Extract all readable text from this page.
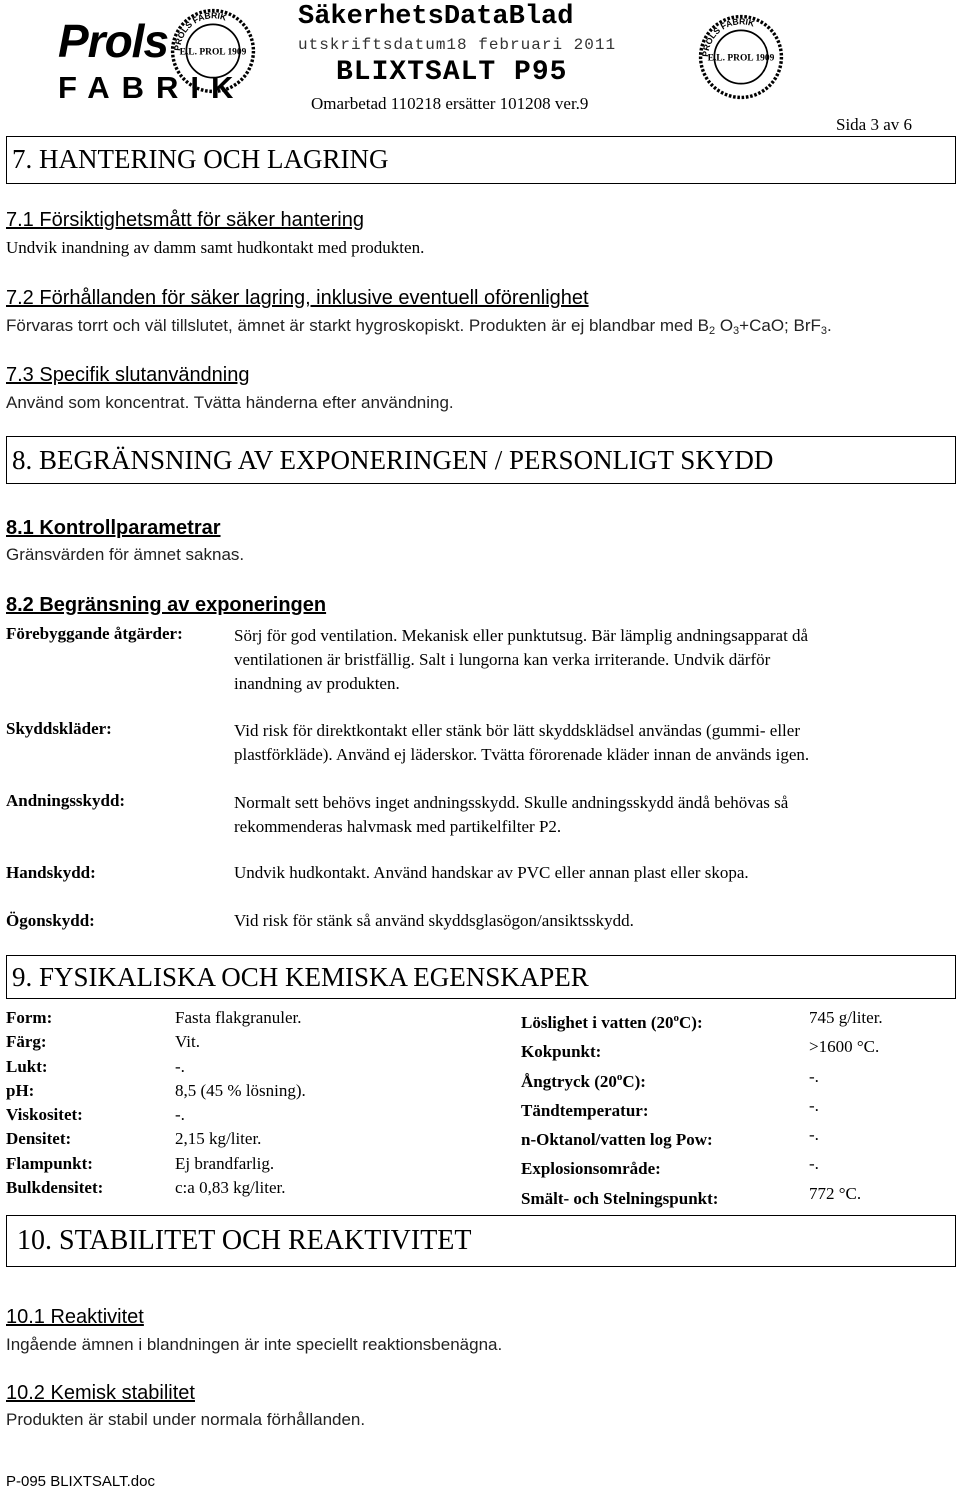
Prols
FABRIK
PROLS FABRIK
E.L. PROL 1909
SäkerhetsDataBlad
utskriftsdatum18 februari 2011
BLIXTSALT P95
Omarbetad 110218 ersätter 101208 ver.9
PROLS FABRIK
E.L. PROL 1909
Sida 3 av 6
7. HANTERING OCH LAGRING
7.1 Försiktighetsmått för säker hantering
Undvik inandning av damm samt hudkontakt med produkten.
7.2 Förhållanden för säker lagring, inklusive eventuell oförenlighet
Förvaras torrt och väl tillslutet, ämnet är starkt hygroskopiskt. Produkten är ej blandbar med $B_2$ $O_3+CaO$; BrF$_3$.
7.3 Specifik slutanvändning
Använd som koncentrat. Tvätta händerna efter användning.
8. BEGRÄNSNING AV EXPONERINGEN / PERSONLIGT SKYDD
8.1 Kontrollparametrar
Gränsvärden för ämnet saknas.
8.2 Begränsning av exponeringen
Förebyggande åtgärder:	Sörj för god ventilation. Mekanisk eller punktutsug. Bär lämplig andningsapparat då
ventilationen är bristfällig. Salt i lungorna kan verka irriterande. Undvik därför
inandning av produkten.
Skyddskläder:	Vid risk för direktkontakt eller stänk bör lätt skyddsklädsel användas (gummi- eller
plastförkläde). Använd ej läderskor. Tvätta förorenade kläder innan de används igen.
Andningsskydd:	Normalt sett behövs inget andningsskydd. Skulle andningsskydd ändå behövas så
rekommenderas halvmask med partikelfilter P2.
Handskydd:	Undvik hudkontakt. Använd handskar av PVC eller annan plast eller skopa.
Ögonskydd:	Vid risk för stänk så använd skyddsglasögon/ansiktsskydd.
9. FYSIKALISKA OCH KEMISKA EGENSKAPER
Form:	Fasta flakgranuler.
Färg:	Vit.
Lukt:	-.
pH:	8,5 (45 % lösning).
Viskositet:	-.
Densitet:	2,15 kg/liter.
Flampunkt:	Ej brandfarlig.
Bulkdensitet:	c:a 0,83 kg/liter.
Löslighet i vatten (20$^o$C):	745 g/liter.
Kokpunkt:	>1600 °C.
Ångtryck (20$^o$C):	-.
Tändtemperatur:	-.
n-Oktanol/vatten log Pow:	-.
Explosionsområde:	-.
Smält- och Stelningspunkt:	772 °C.
10. STABILITET OCH REAKTIVITET
10.1 Reaktivitet
Ingående ämnen i blandningen är inte speciellt reaktionsbenägna.
10.2 Kemisk stabilitet
Produkten är stabil under normala förhållanden.
P-095 BLIXTSALT.doc
